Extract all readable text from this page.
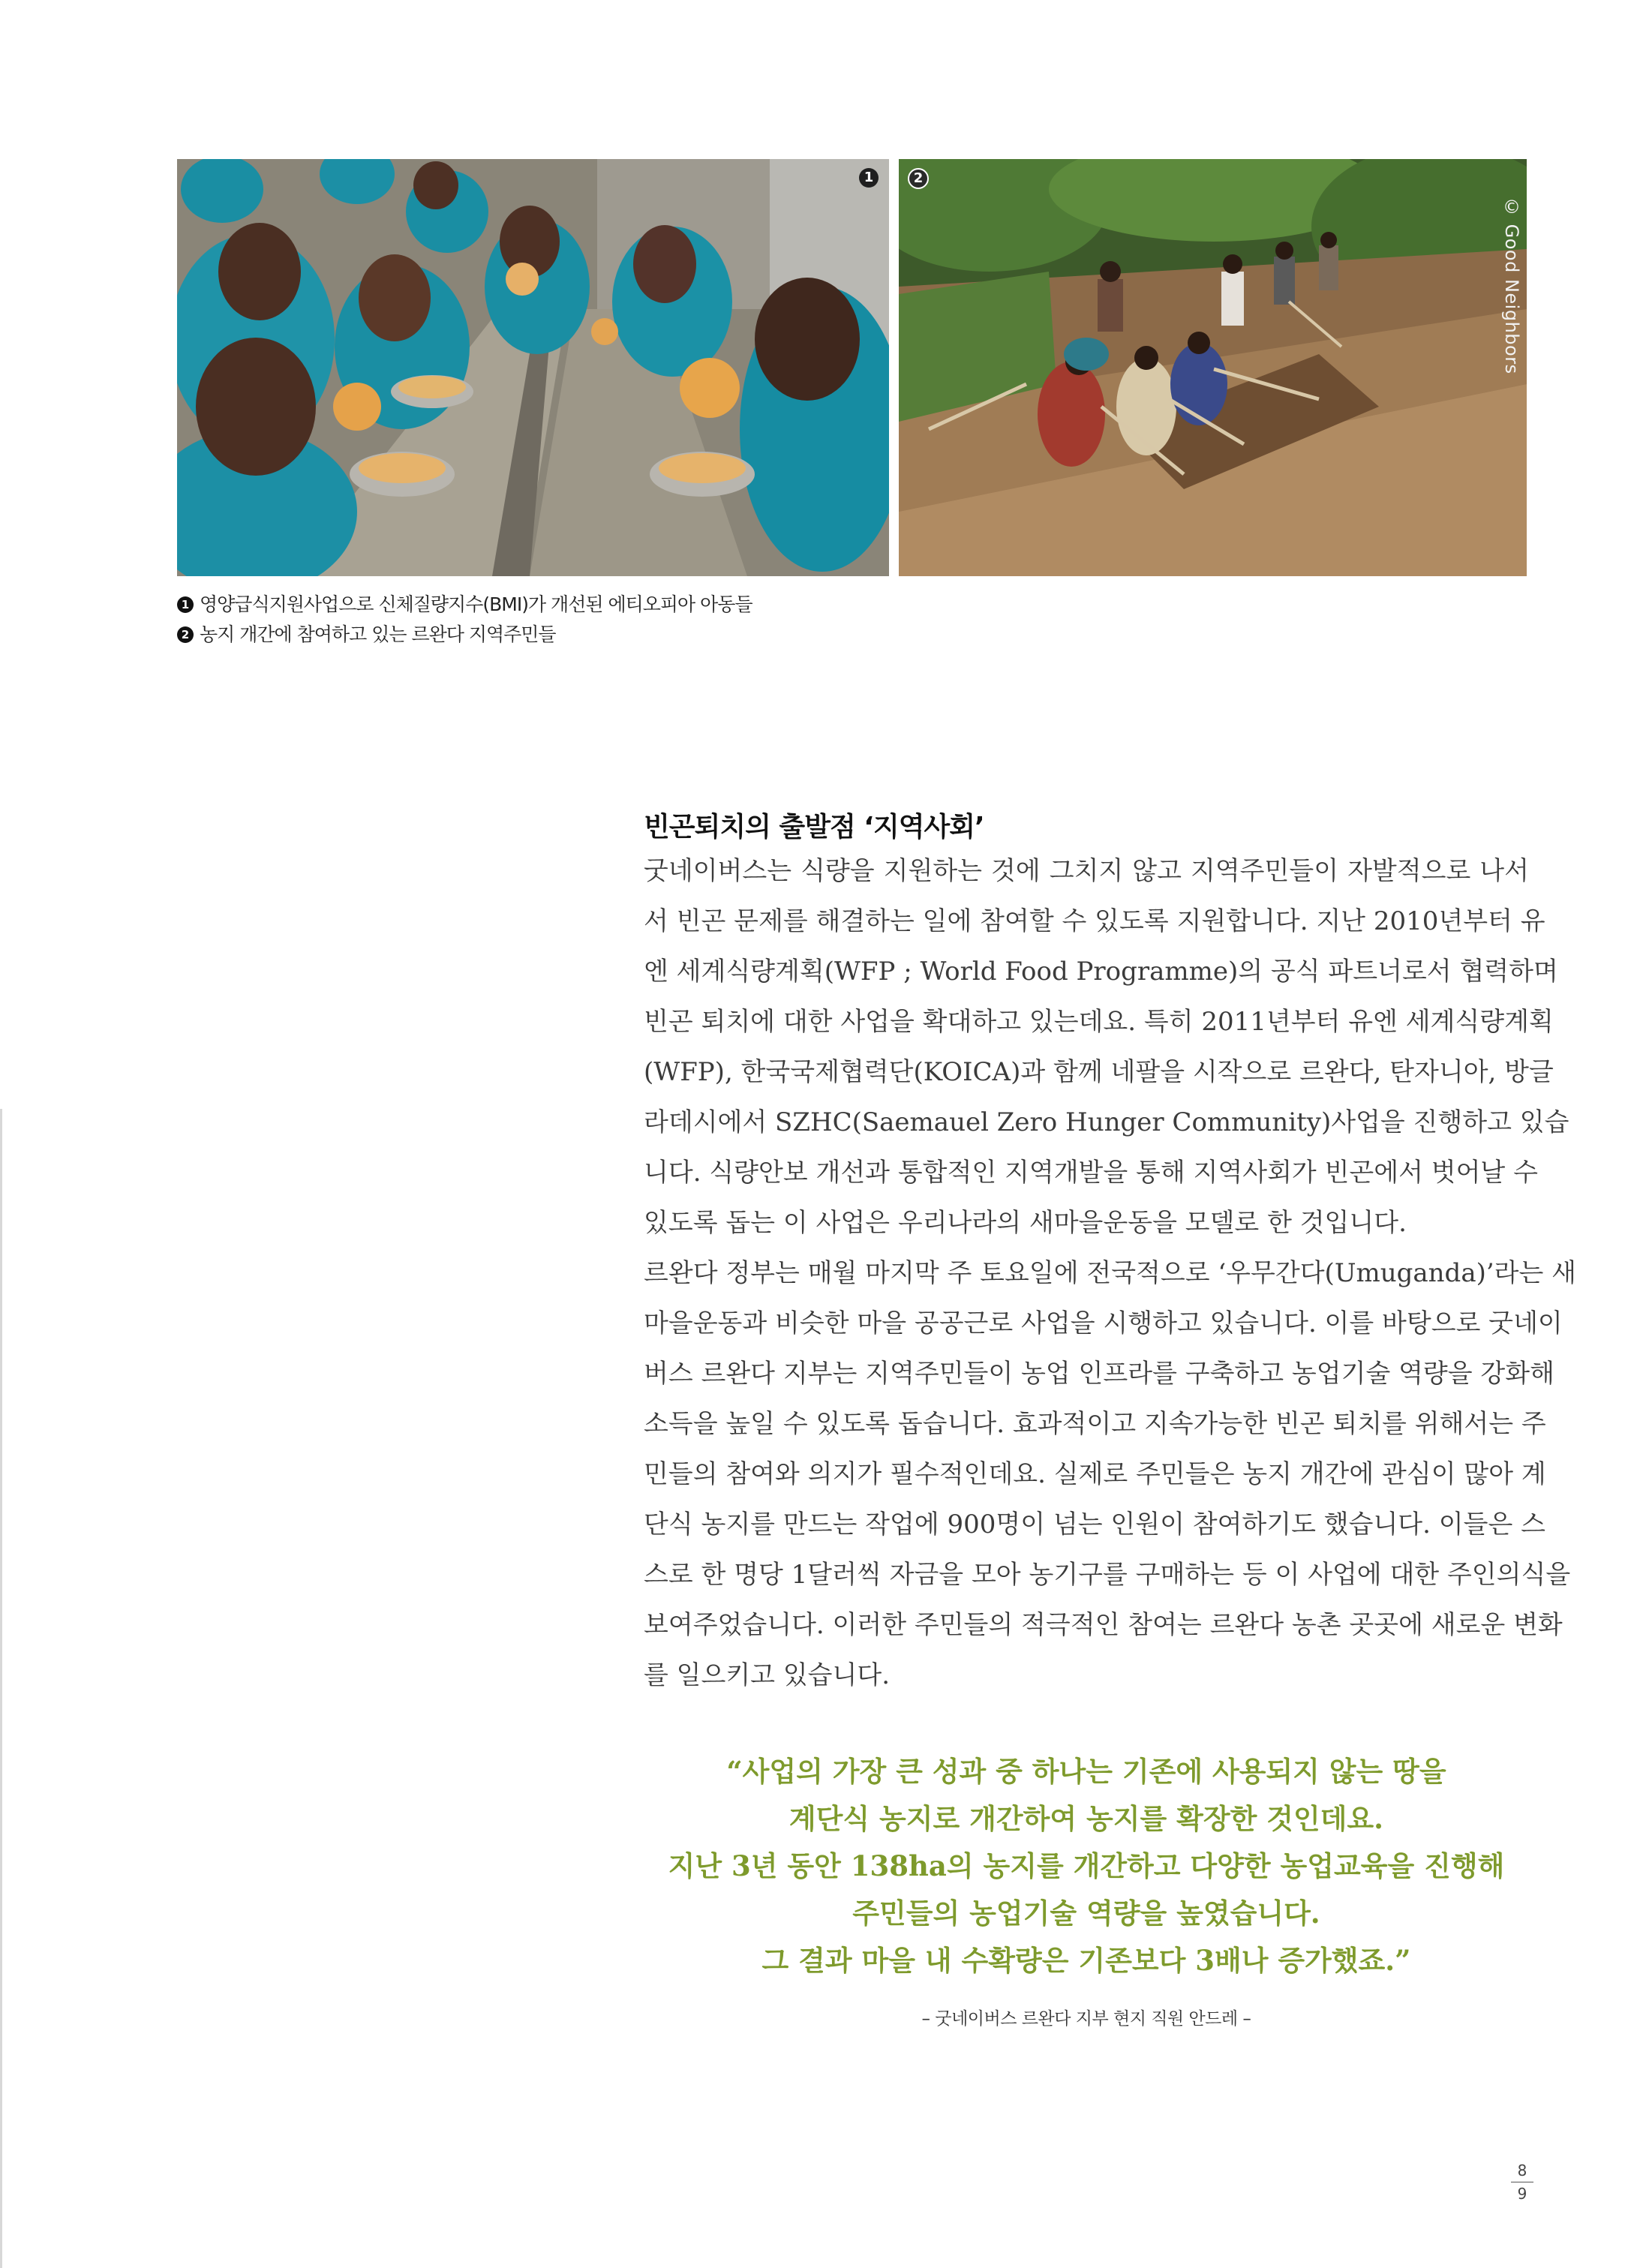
1	2
© Good Neighbors
1 영양급식지원사업으로 신체질량지수(BMI)가 개선된 에티오피아 아동들
2 농지 개간에 참여하고 있는 르완다 지역주민들
빈곤퇴치의 출발점 ‘지역사회’
굿네이버스는 식량을 지원하는 것에 그치지 않고 지역주민들이 자발적으로 나서
서 빈곤 문제를 해결하는 일에 참여할 수 있도록 지원합니다. 지난 2010년부터 유
엔 세계식량계획(WFP ; World Food Programme)의 공식 파트너로서 협력하며
빈곤 퇴치에 대한 사업을 확대하고 있는데요. 특히 2011년부터 유엔 세계식량계획
(WFP), 한국국제협력단(KOICA)과 함께 네팔을 시작으로 르완다, 탄자니아, 방글
라데시에서 SZHC(Saemauel Zero Hunger Community)사업을 진행하고 있습
니다. 식량안보 개선과 통합적인 지역개발을 통해 지역사회가 빈곤에서 벗어날 수
있도록 돕는 이 사업은 우리나라의 새마을운동을 모델로 한 것입니다.
르완다 정부는 매월 마지막 주 토요일에 전국적으로 ‘우무간다(Umuganda)’라는 새
마을운동과 비슷한 마을 공공근로 사업을 시행하고 있습니다. 이를 바탕으로 굿네이
버스 르완다 지부는 지역주민들이 농업 인프라를 구축하고 농업기술 역량을 강화해
소득을 높일 수 있도록 돕습니다. 효과적이고 지속가능한 빈곤 퇴치를 위해서는 주
민들의 참여와 의지가 필수적인데요. 실제로 주민들은 농지 개간에 관심이 많아 계
단식 농지를 만드는 작업에 900명이 넘는 인원이 참여하기도 했습니다. 이들은 스
스로 한 명당 1달러씩 자금을 모아 농기구를 구매하는 등 이 사업에 대한 주인의식을
보여주었습니다. 이러한 주민들의 적극적인 참여는 르완다 농촌 곳곳에 새로운 변화
를 일으키고 있습니다.
“사업의 가장 큰 성과 중 하나는 기존에 사용되지 않는 땅을
계단식 농지로 개간하여 농지를 확장한 것인데요.
지난 3년 동안 138ha의 농지를 개간하고 다양한 농업교육을 진행해
주민들의 농업기술 역량을 높였습니다.
그 결과 마을 내 수확량은 기존보다 3배나 증가했죠.”
– 굿네이버스 르완다 지부 현지 직원 안드레 –
8
9
